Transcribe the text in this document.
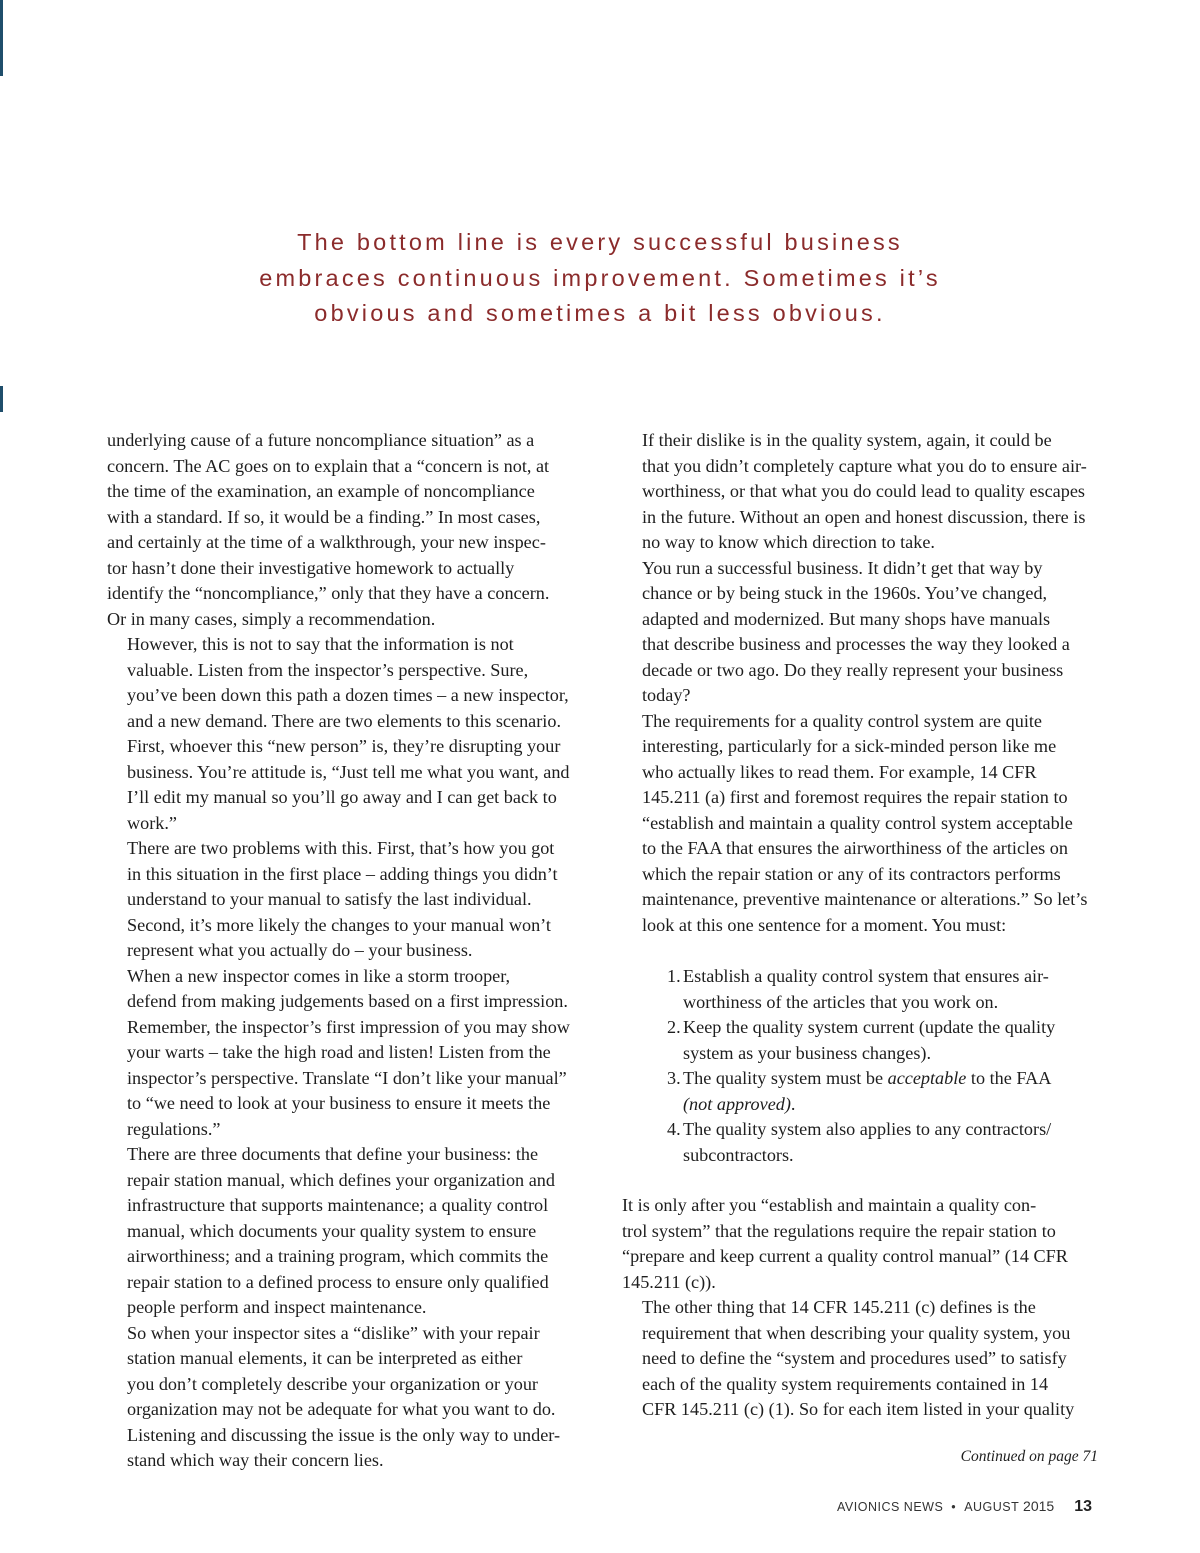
The bottom line is every successful business
embraces continuous improvement. Sometimes it’s
obvious and sometimes a bit less obvious.

underlying cause of a future noncompliance situation” as a
concern. The AC goes on to explain that a “concern is not, at
the time of the examination, an example of noncompliance
with a standard. If so, it would be a finding.” In most cases,
and certainly at the time of a walkthrough, your new inspec-
tor hasn’t done their investigative homework to actually
identify the “noncompliance,” only that they have a concern.
Or in many cases, simply a recommendation.

However, this is not to say that the information is not
valuable. Listen from the inspector’s perspective. Sure,
you’ve been down this path a dozen times – a new inspector,
and a new demand. There are two elements to this scenario.
First, whoever this “new person” is, they’re disrupting your
business. You’re attitude is, “Just tell me what you want, and
I’ll edit my manual so you’ll go away and I can get back to
work.”

There are two problems with this. First, that’s how you got
in this situation in the first place – adding things you didn’t
understand to your manual to satisfy the last individual.
Second, it’s more likely the changes to your manual won’t
represent what you actually do – your business.

When a new inspector comes in like a storm trooper,
defend from making judgements based on a first impression.
Remember, the inspector’s first impression of you may show
your warts – take the high road and listen! Listen from the
inspector’s perspective. Translate “I don’t like your manual”
to “we need to look at your business to ensure it meets the
regulations.”

There are three documents that define your business: the
repair station manual, which defines your organization and
infrastructure that supports maintenance; a quality control
manual, which documents your quality system to ensure
airworthiness; and a training program, which commits the
repair station to a defined process to ensure only qualified
people perform and inspect maintenance.

So when your inspector sites a “dislike” with your repair
station manual elements, it can be interpreted as either
you don’t completely describe your organization or your
organization may not be adequate for what you want to do.
Listening and discussing the issue is the only way to under-
stand which way their concern lies.

If their dislike is in the quality system, again, it could be
that you didn’t completely capture what you do to ensure air-
worthiness, or that what you do could lead to quality escapes
in the future. Without an open and honest discussion, there is
no way to know which direction to take.

You run a successful business. It didn’t get that way by
chance or by being stuck in the 1960s. You’ve changed,
adapted and modernized. But many shops have manuals
that describe business and processes the way they looked a
decade or two ago. Do they really represent your business
today?

The requirements for a quality control system are quite
interesting, particularly for a sick-minded person like me
who actually likes to read them. For example, 14 CFR
145.211 (a) first and foremost requires the repair station to
“establish and maintain a quality control system acceptable
to the FAA that ensures the airworthiness of the articles on
which the repair station or any of its contractors performs
maintenance, preventive maintenance or alterations.” So let’s
look at this one sentence for a moment. You must:

1. Establish a quality control system that ensures air-
worthiness of the articles that you work on.
2. Keep the quality system current (update the quality
system as your business changes).
3. The quality system must be acceptable to the FAA
(not approved).
4. The quality system also applies to any contractors/
subcontractors.

It is only after you “establish and maintain a quality con-
trol system” that the regulations require the repair station to
“prepare and keep current a quality control manual” (14 CFR
145.211 (c)).

The other thing that 14 CFR 145.211 (c) defines is the
requirement that when describing your quality system, you
need to define the “system and procedures used” to satisfy
each of the quality system requirements contained in 14
CFR 145.211 (c) (1). So for each item listed in your quality

Continued on page 71
AVIONICS NEWS • AUGUST 2015 13
